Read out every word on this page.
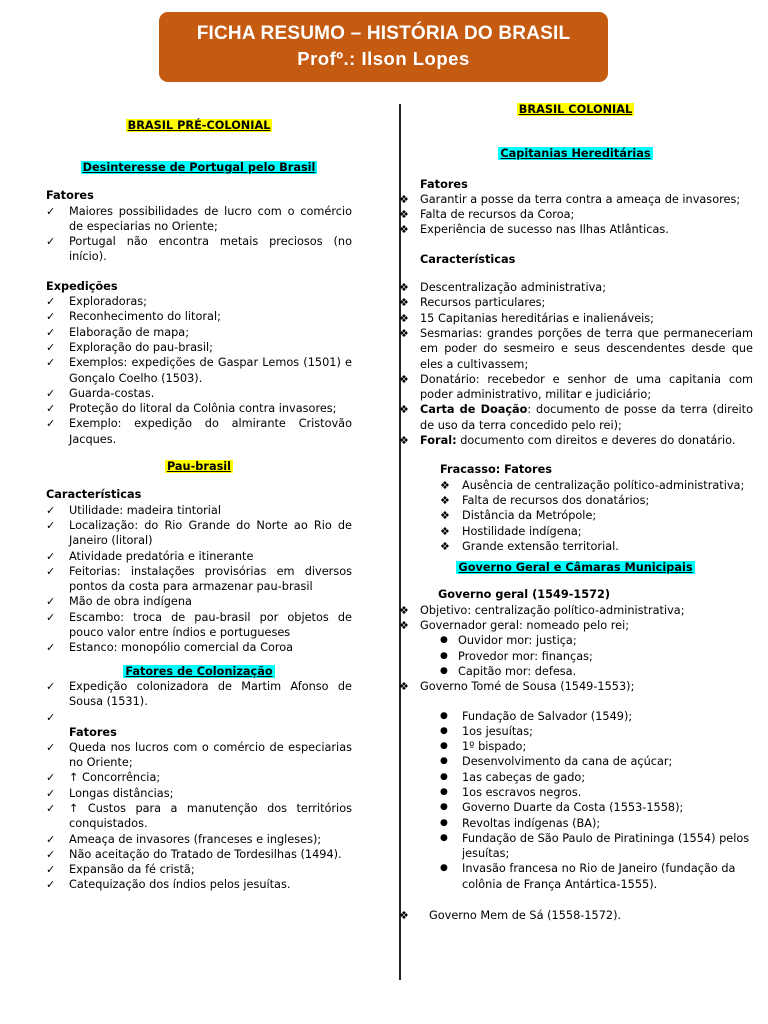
FICHA RESUMO – HISTÓRIA DO BRASIL
Profº.: Ilson Lopes
BRASIL PRÉ-COLONIAL
Desinteresse de Portugal pelo Brasil
Fatores
✓	Maiores possibilidades de lucro com o comércio de especiarias no Oriente;
✓	Portugal não encontra metais preciosos (no início).
Expedições
✓	Exploradoras;
✓	Reconhecimento do litoral;
✓	Elaboração de mapa;
✓	Exploração do pau-brasil;
✓	Exemplos: expedições de Gaspar Lemos (1501) e Gonçalo Coelho (1503).
✓	Guarda-costas.
✓	Proteção do litoral da Colônia contra invasores;
✓	Exemplo: expedição do almirante Cristovão Jacques.
Pau-brasil
Características
✓	Utilidade: madeira tintorial
✓	Localização: do Rio Grande do Norte ao Rio de Janeiro (litoral)
✓	Atividade predatória e itinerante
✓	Feitorias: instalações provisórias em diversos pontos da costa para armazenar pau-brasil
✓	Mão de obra indígena
✓	Escambo: troca de pau-brasil por objetos de pouco valor entre índios e portugueses
✓	Estanco: monopólio comercial da Coroa
Fatores de Colonização
✓	Expedição colonizadora de Martim Afonso de Sousa (1531).
✓
Fatores
✓	Queda nos lucros com o comércio de especiarias no Oriente;
✓	↑ Concorrência;
✓	Longas distâncias;
✓	↑ Custos para a manutenção dos territórios conquistados.
✓	Ameaça de invasores (franceses e ingleses);
✓	Não aceitação do Tratado de Tordesilhas (1494).
✓	Expansão da fé cristã;
✓	Catequização dos índios pelos jesuítas.
BRASIL COLONIAL
Capitanias Hereditárias
Fatores
❖ Garantir a posse da terra contra a ameaça de invasores;
❖ Falta de recursos da Coroa;
❖ Experiência de sucesso nas Ilhas Atlânticas.
Características
❖ Descentralização administrativa;
❖ Recursos particulares;
❖ 15 Capitanias hereditárias e inalienáveis;
❖ Sesmarias: grandes porções de terra que permaneceriam em poder do sesmeiro e seus descendentes desde que eles a cultivassem;
❖ Donatário: recebedor e senhor de uma capitania com poder administrativo, militar e judiciário;
❖ Carta de Doação: documento de posse da terra (direito de uso da terra concedido pelo rei);
❖ Foral: documento com direitos e deveres do donatário.
Fracasso: Fatores
❖	Ausência de centralização político-administrativa;
❖	Falta de recursos dos donatários;
❖	Distância da Metrópole;
❖	Hostilidade indígena;
❖	Grande extensão territorial.
Governo Geral e Câmaras Municipais
Governo geral (1549-1572)
❖ Objetivo: centralização político-administrativa;
❖ Governador geral: nomeado pelo rei;
● Ouvidor mor: justiça;
● Provedor mor: finanças;
● Capitão mor: defesa.
❖ Governo Tomé de Sousa (1549-1553);
●	Fundação de Salvador (1549);
●	1os jesuítas;
●	1º bispado;
●	Desenvolvimento da cana de açúcar;
●	1as cabeças de gado;
●	1os escravos negros.
●	Governo Duarte da Costa (1553-1558);
●	Revoltas indígenas (BA);
●	Fundação de São Paulo de Piratininga (1554) pelos jesuítas;
●	Invasão francesa no Rio de Janeiro (fundação da colônia de França Antártica-1555).
❖	Governo Mem de Sá (1558-1572).
